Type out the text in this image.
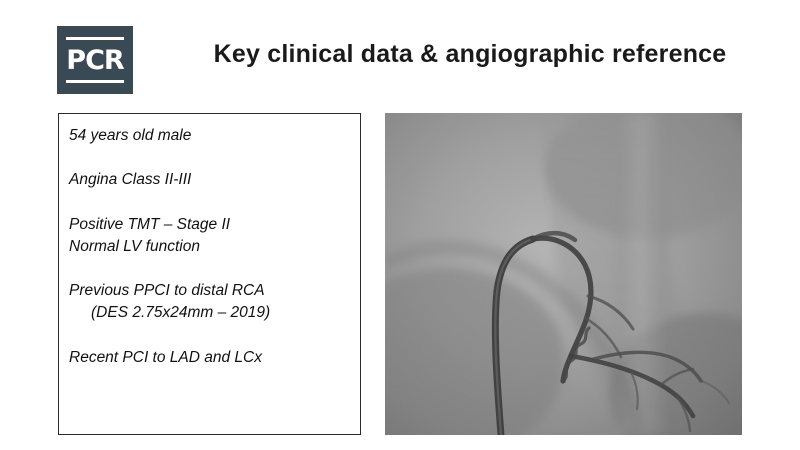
PCR	Key clinical data & angiographic reference
54 years old male
Angina Class II-III
Positive TMT – Stage II
Normal LV function
Previous PPCI to distal RCA
(DES 2.75x24mm – 2019)
Recent PCI to LAD and LCx
